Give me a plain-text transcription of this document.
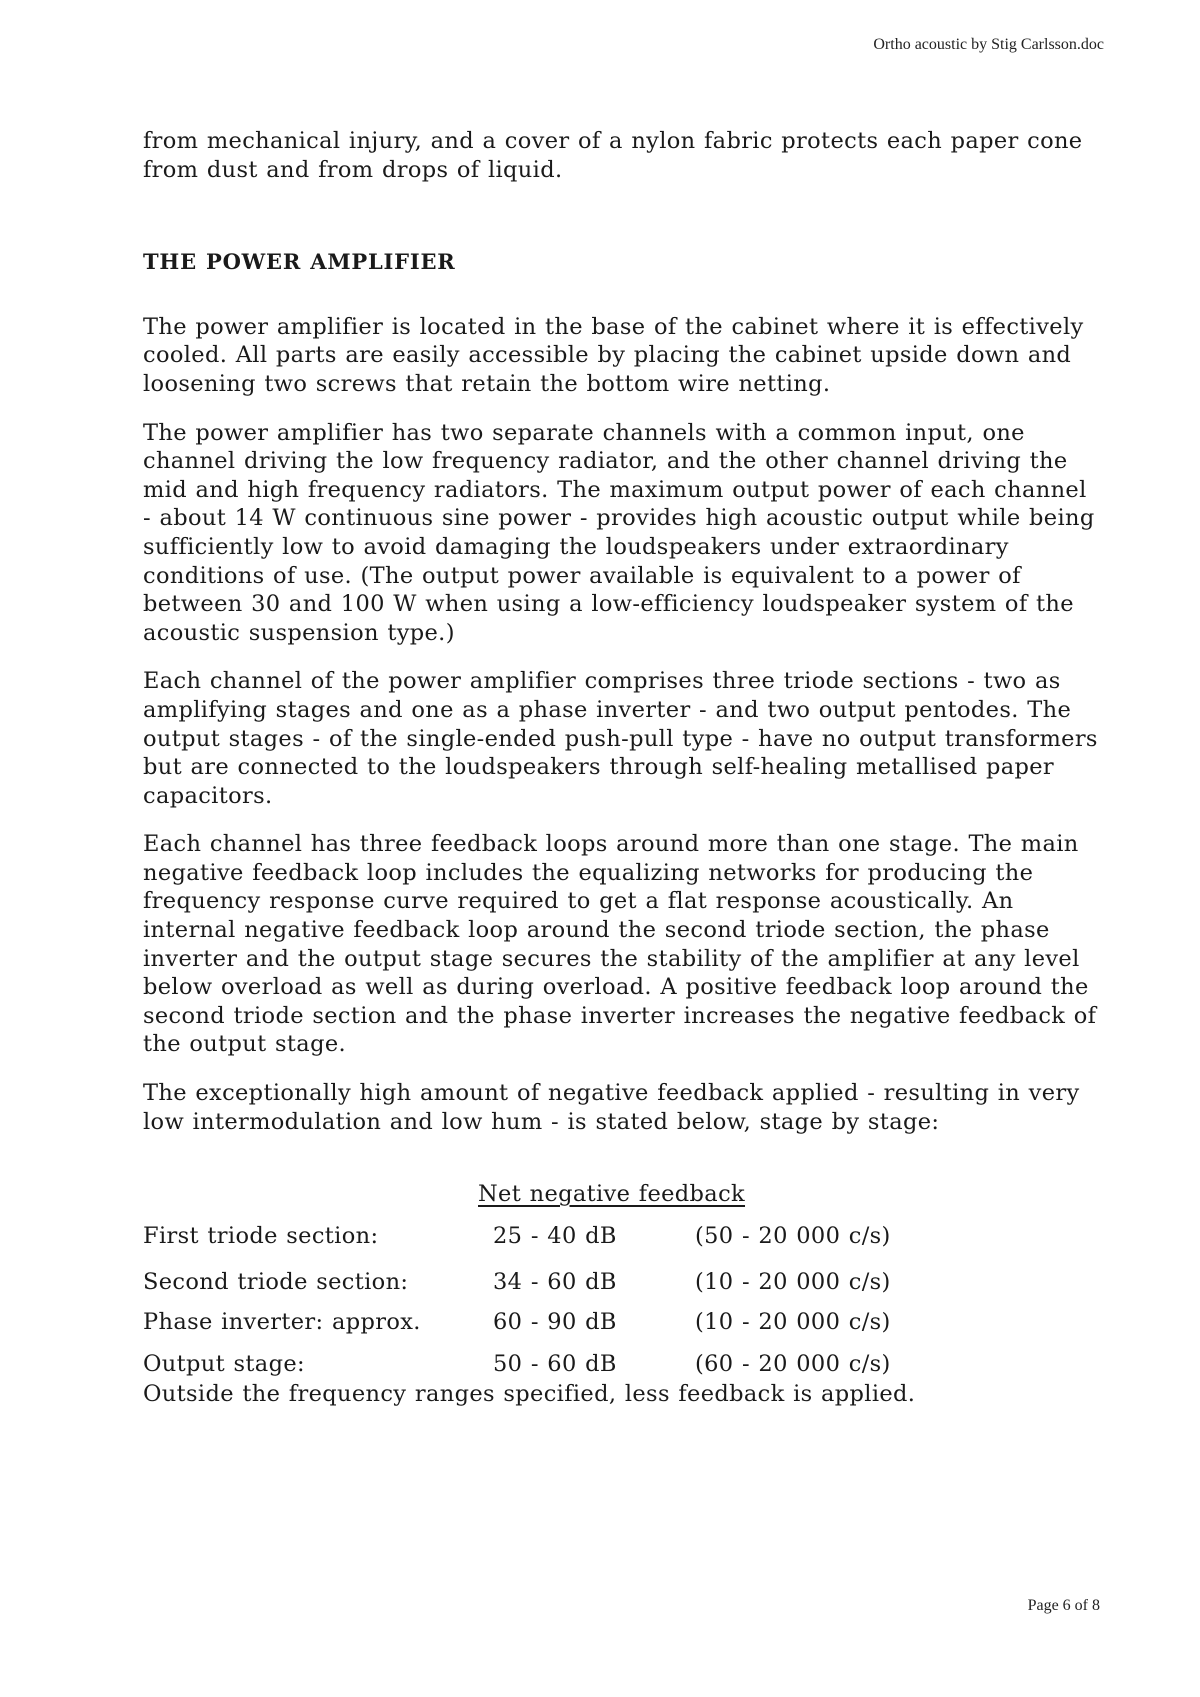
Ortho acoustic by Stig Carlsson.doc

from mechanical injury, and a cover of a nylon fabric protects each paper cone from dust and from drops of liquid.

THE POWER AMPLIFIER

The power amplifier is located in the base of the cabinet where it is effectively cooled. All parts are easily accessible by placing the cabinet upside down and loosening two screws that retain the bottom wire netting.

The power amplifier has two separate channels with a common input, one channel driving the low frequency radiator, and the other channel driving the mid and high frequency radiators. The maximum output power of each channel - about 14 W continuous sine power - provides high acoustic output while being sufficiently low to avoid damaging the loudspeakers under extraordinary conditions of use. (The output power available is equivalent to a power of between 30 and 100 W when using a low-efficiency loudspeaker system of the acoustic suspension type.)

Each channel of the power amplifier comprises three triode sections - two as amplifying stages and one as a phase inverter - and two output pentodes. The output stages - of the single-ended push-pull type - have no output transformers but are connected to the loudspeakers through self-healing metallised paper capacitors.

Each channel has three feedback loops around more than one stage. The main negative feedback loop includes the equalizing networks for producing the frequency response curve required to get a flat response acoustically. An internal negative feedback loop around the second triode section, the phase inverter and the output stage secures the stability of the amplifier at any level below overload as well as during overload. A positive feedback loop around the second triode section and the phase inverter increases the negative feedback of the output stage.

The exceptionally high amount of negative feedback applied - resulting in very low intermodulation and low hum - is stated below, stage by stage:

Net negative feedback
First triode section:	25 - 40 dB	(50 - 20 000 c/s)
Second triode section:	34 - 60 dB	(10 - 20 000 c/s)
Phase inverter: approx.	60 - 90 dB	(10 - 20 000 c/s)
Output stage:	50 - 60 dB	(60 - 20 000 c/s)

Outside the frequency ranges specified, less feedback is applied.

Page 6 of 8
